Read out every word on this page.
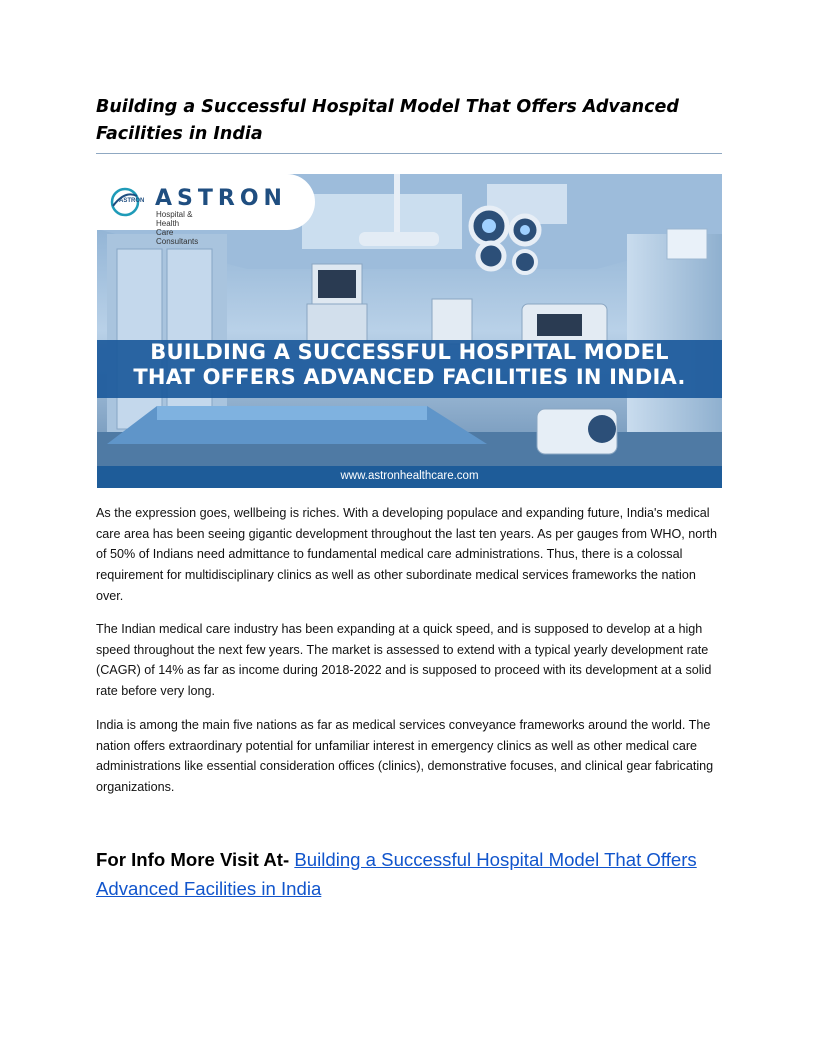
Building a Successful Hospital Model That Offers Advanced Facilities in India
ASTRON ASTRON
Hospital & Health Care Consultants
BUILDING A SUCCESSFUL HOSPITAL MODEL
THAT OFFERS ADVANCED FACILITIES IN INDIA.
www.astronhealthcare.com

As the expression goes, wellbeing is riches. With a developing populace and expanding future, India's medical care area has been seeing gigantic development throughout the last ten years. As per gauges from WHO, north of 50% of Indians need admittance to fundamental medical care administrations. Thus, there is a colossal requirement for multidisciplinary clinics as well as other subordinate medical services frameworks the nation over.

The Indian medical care industry has been expanding at a quick speed, and is supposed to develop at a high speed throughout the next few years. The market is assessed to extend with a typical yearly development rate (CAGR) of 14% as far as income during 2018-2022 and is supposed to proceed with its development at a solid rate before very long.

India is among the main five nations as far as medical services conveyance frameworks around the world. The nation offers extraordinary potential for unfamiliar interest in emergency clinics as well as other medical care administrations like essential consideration offices (clinics), demonstrative focuses, and clinical gear fabricating organizations.

For Info More Visit At- Building a Successful Hospital Model That Offers Advanced Facilities in India
